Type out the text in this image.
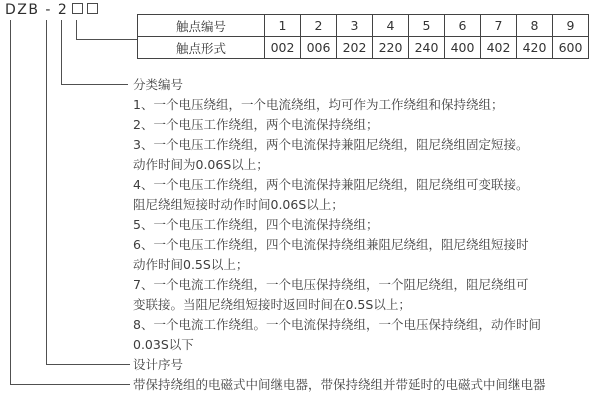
DZB - 2
触点编号	1	2	3	4	5	6	7	8	9
触点形式	002	006	202	220	240	400	402	420	600
分类编号
1、一个电压绕组，一个电流绕组，均可作为工作绕组和保持绕组；
2、一个电压工作绕组，两个电流保持绕组；
3、一个电压工作绕组，两个电流保持兼阻尼绕组，阻尼绕组固定短接。
动作时间为0.06S以上；
4、一个电压工作绕组，两个电流保持兼阻尼绕组，阻尼绕组可变联接。
阻尼绕组短接时动作时间0.06S以上；
5、一个电压工作绕组，四个电流保持绕组；
6、一个电压工作绕组，四个电流保持绕组兼阻尼绕组，阻尼绕组短接时
动作时间0.5S以上；
7、一个电流工作绕组，一个电压保持绕组，一个阻尼绕组，阻尼绕组可
变联接。当阻尼绕组短接时返回时间在0.5S以上；
8、一个电流工作绕组。一个电流保持绕组，一个电压保持绕组，动作时间
0.03S以下
设计序号
带保持绕组的电磁式中间继电器，带保持绕组并带延时的电磁式中间继电器
